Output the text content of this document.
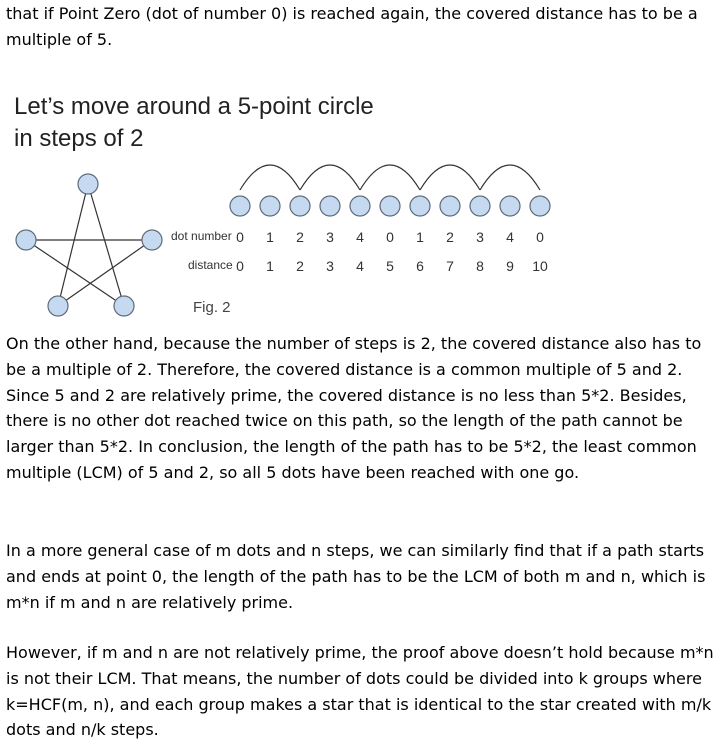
that if Point Zero (dot of number 0) is reached again, the covered distance has to be a multiple of 5.

Let’s move around a 5-point circle
in steps of 2
dot number
distance
0 1 2 3 4 0 1 2 3 4 0
0 1 2 3 4 5 6 7 8 9 10
Fig. 2

On the other hand, because the number of steps is 2, the covered distance also has to be a multiple of 2. Therefore, the covered distance is a common multiple of 5 and 2. Since 5 and 2 are relatively prime, the covered distance is no less than 5*2. Besides, there is no other dot reached twice on this path, so the length of the path cannot be larger than 5*2. In conclusion, the length of the path has to be 5*2, the least common multiple (LCM) of 5 and 2, so all 5 dots have been reached with one go.

In a more general case of m dots and n steps, we can similarly find that if a path starts and ends at point 0, the length of the path has to be the LCM of both m and n, which is m*n if m and n are relatively prime.

However, if m and n are not relatively prime, the proof above doesn’t hold because m*n is not their LCM. That means, the number of dots could be divided into k groups where k=HCF(m, n), and each group makes a star that is identical to the star created with m/k dots and n/k steps.
